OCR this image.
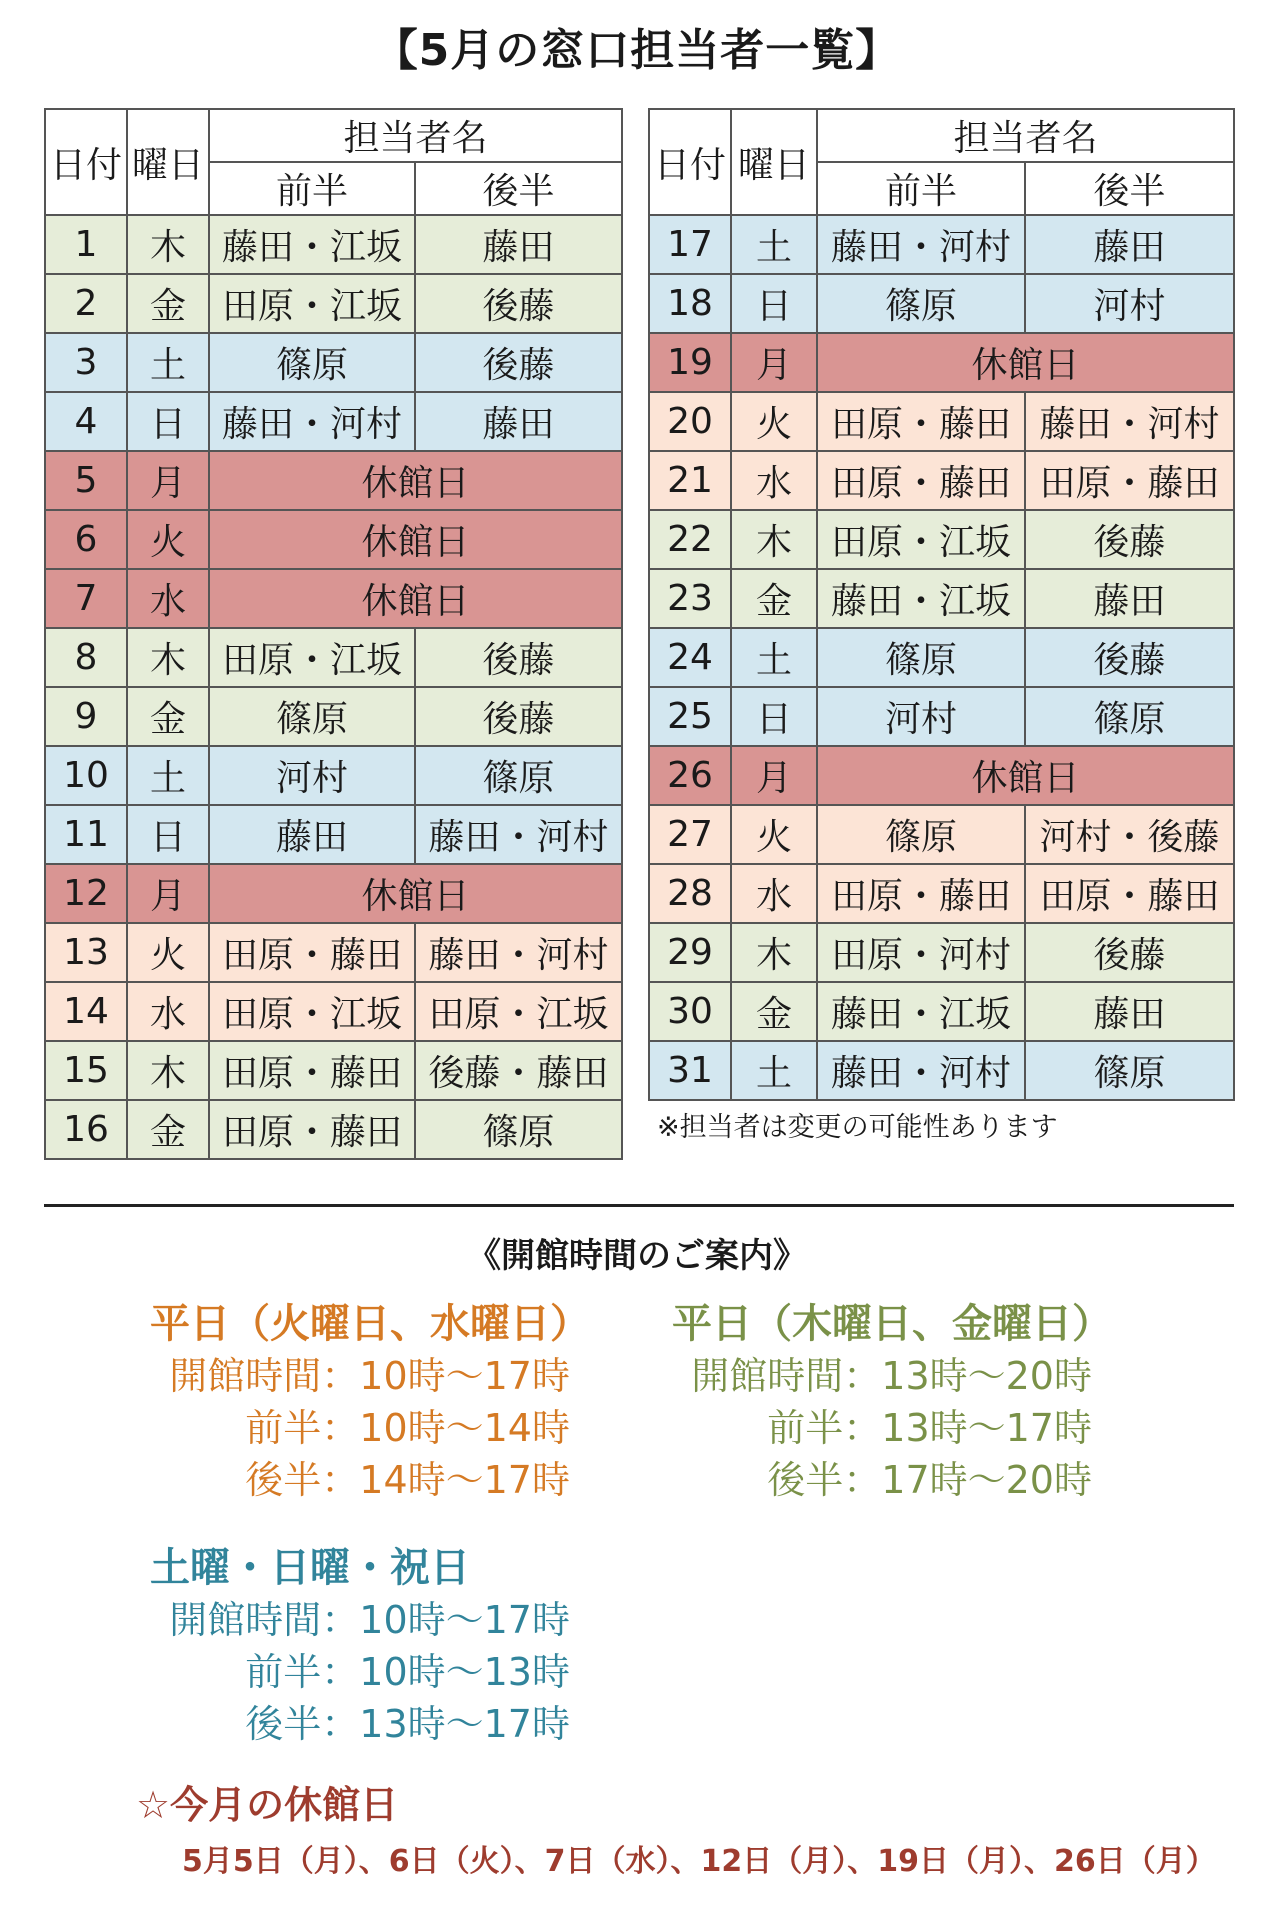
【5月の窓口担当者一覧】
日付	曜日	担当者名	
		前半	後半
1	木	藤田・江坂	藤田
2	金	田原・江坂	後藤
3	土	篠原	後藤
4	日	藤田・河村	藤田
5	月	休館日	
6	火	休館日	
7	水	休館日	
8	木	田原・江坂	後藤
9	金	篠原	後藤
10	土	河村	篠原
11	日	藤田	藤田・河村
12	月	休館日	
13	火	田原・藤田	藤田・河村
14	水	田原・江坂	田原・江坂
15	木	田原・藤田	後藤・藤田
16	金	田原・藤田	篠原
日付	曜日	担当者名	
		前半	後半
17	土	藤田・河村	藤田
18	日	篠原	河村
19	月	休館日	
20	火	田原・藤田	藤田・河村
21	水	田原・藤田	田原・藤田
22	木	田原・江坂	後藤
23	金	藤田・江坂	藤田
24	土	篠原	後藤
25	日	河村	篠原
26	月	休館日	
27	火	篠原	河村・後藤
28	水	田原・藤田	田原・藤田
29	木	田原・河村	後藤
30	金	藤田・江坂	藤田
31	土	藤田・河村	篠原
※担当者は変更の可能性あります
《開館時間のご案内》
平日（火曜日、水曜日）
開館時間：10時～17時
前半：10時～14時
後半：14時～17時
平日（木曜日、金曜日）
開館時間：13時～20時
前半：13時～17時
後半：17時～20時
土曜・日曜・祝日
開館時間：10時～17時
前半：10時～13時
後半：13時～17時
☆今月の休館日
5月5日（月）、6日（火）、7日（水）、12日（月）、19日（月）、26日（月）
